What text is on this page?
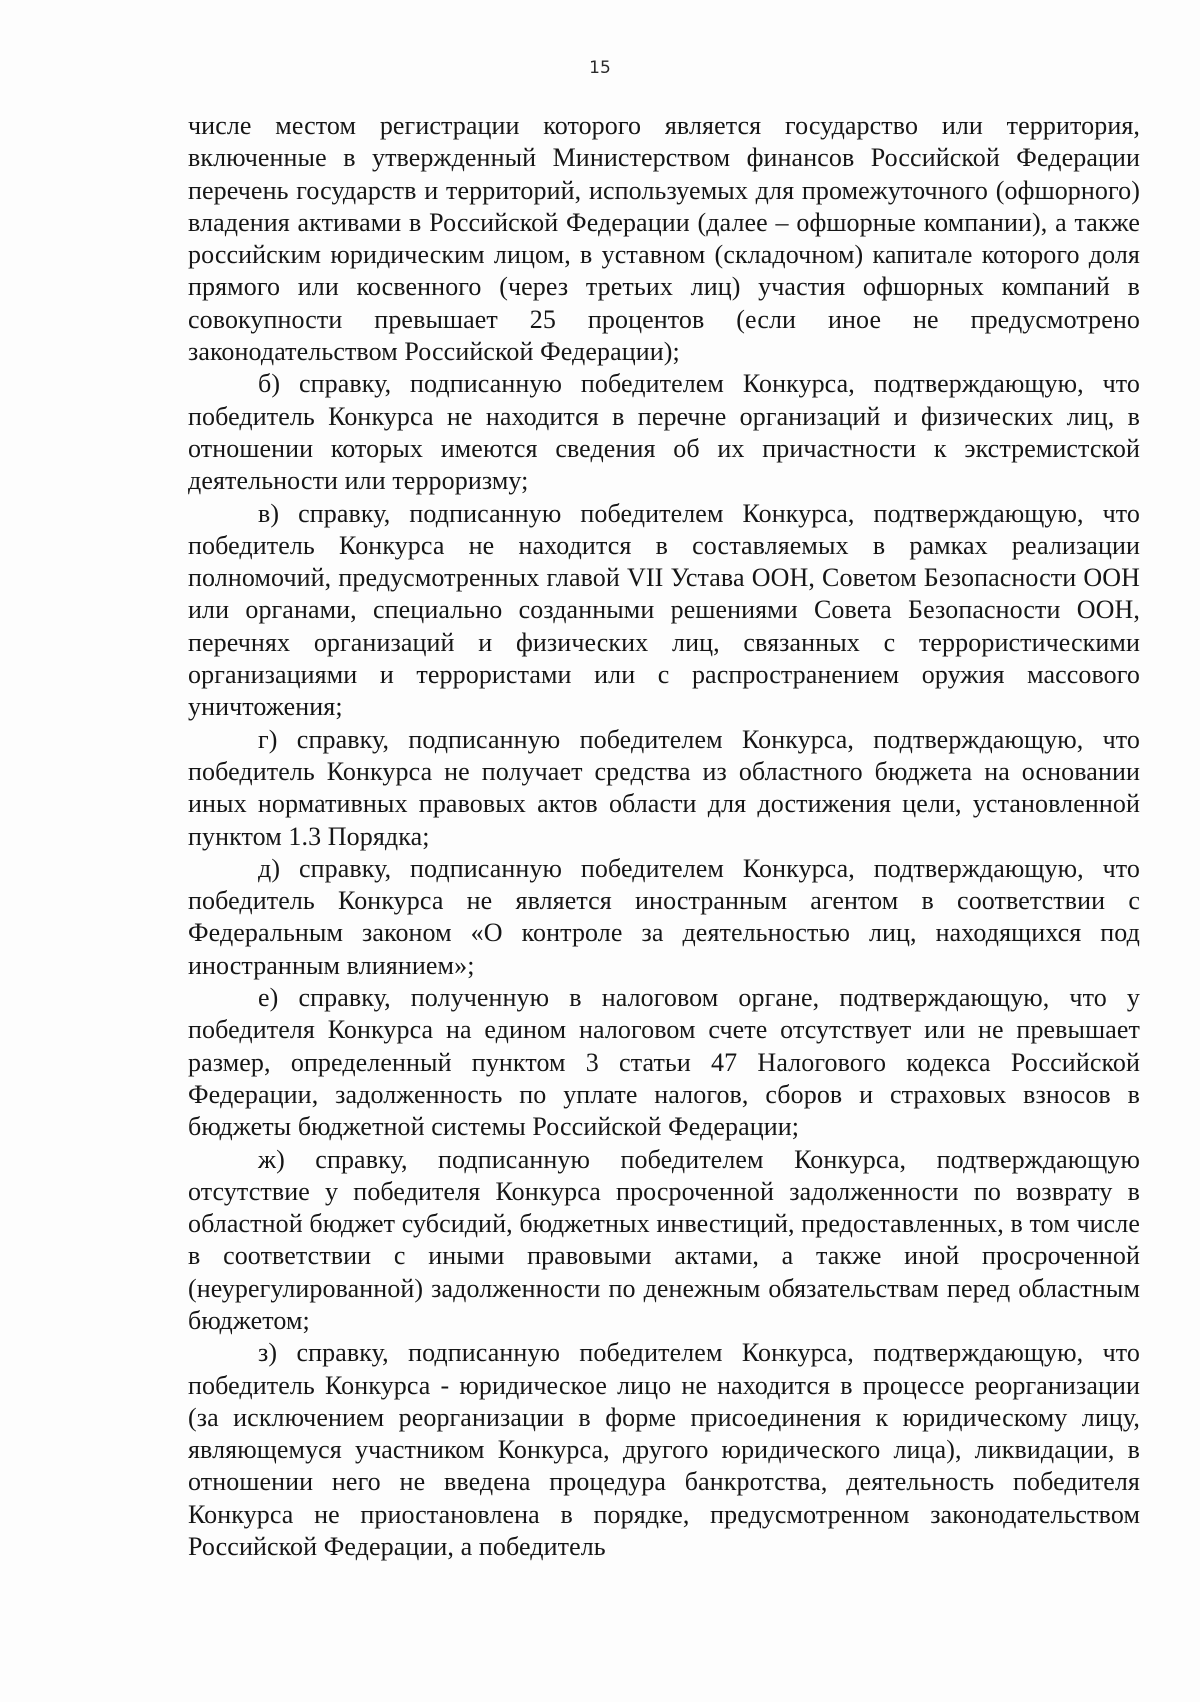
15

числе местом регистрации которого является государство или территория, включенные в утвержденный Министерством финансов Российской Федерации перечень государств и территорий, используемых для промежуточного (офшорного) владения активами в Российской Федерации (далее – офшорные компании), а также российским юридическим лицом, в уставном (складочном) капитале которого доля прямого или косвенного (через третьих лиц) участия офшорных компаний в совокупности превышает 25 процентов (если иное не предусмотрено законодательством Российской Федерации);

б) справку, подписанную победителем Конкурса, подтверждающую, что победитель Конкурса не находится в перечне организаций и физических лиц, в отношении которых имеются сведения об их причастности к экстремистской деятельности или терроризму;

в) справку, подписанную победителем Конкурса, подтверждающую, что победитель Конкурса не находится в составляемых в рамках реализации полномочий, предусмотренных главой VII Устава ООН, Советом Безопасности ООН или органами, специально созданными решениями Совета Безопасности ООН, перечнях организаций и физических лиц, связанных с террористическими организациями и террористами или с распространением оружия массового уничтожения;

г) справку, подписанную победителем Конкурса, подтверждающую, что победитель Конкурса не получает средства из областного бюджета на основании иных нормативных правовых актов области для достижения цели, установленной пунктом 1.3 Порядка;

д) справку, подписанную победителем Конкурса, подтверждающую, что победитель Конкурса не является иностранным агентом в соответствии с Федеральным законом «О контроле за деятельностью лиц, находящихся под иностранным влиянием»;

е) справку, полученную в налоговом органе, подтверждающую, что у победителя Конкурса на едином налоговом счете отсутствует или не превышает размер, определенный пунктом 3 статьи 47 Налогового кодекса Российской Федерации, задолженность по уплате налогов, сборов и страховых взносов в бюджеты бюджетной системы Российской Федерации;

ж) справку, подписанную победителем Конкурса, подтверждающую отсутствие у победителя Конкурса просроченной задолженности по возврату в областной бюджет субсидий, бюджетных инвестиций, предоставленных, в том числе в соответствии с иными правовыми актами, а также иной просроченной (неурегулированной) задолженности по денежным обязательствам перед областным бюджетом;

з) справку, подписанную победителем Конкурса, подтверждающую, что победитель Конкурса - юридическое лицо не находится в процессе реорганизации (за исключением реорганизации в форме присоединения к юридическому лицу, являющемуся участником Конкурса, другого юридического лица), ликвидации, в отношении него не введена процедура банкротства, деятельность победителя Конкурса не приостановлена в порядке, предусмотренном законодательством Российской Федерации, а победитель
